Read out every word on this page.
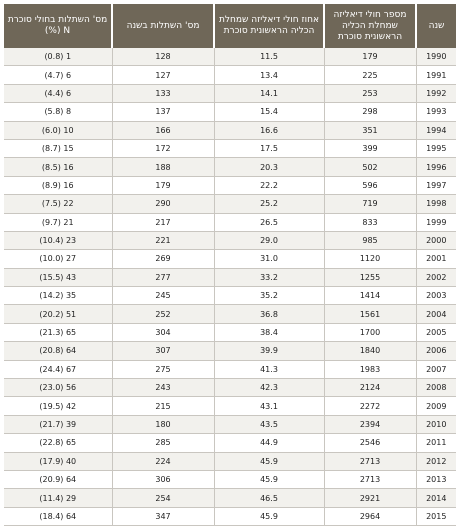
שנה	מספר חולי דיאליזה שמחלת הכליה הראשונית סוכרת	אחוז חולי דיאליזה שמחלת הכליה הראשונית סוכרת	מס' השתלות בשנה	מס' השתלות בחולי סוכרת N (%)
1990	179	11.5	128	(0.8) 1
1991	225	13.4	127	(4.7) 6
1992	253	14.1	133	(4.4) 6
1993	298	15.4	137	(5.8) 8
1994	351	16.6	166	(6.0) 10
1995	399	17.5	172	(8.7) 15
1996	502	20.3	188	(8.5) 16
1997	596	22.2	179	(8.9) 16
1998	719	25.2	290	(7.5) 22
1999	833	26.5	217	(9.7) 21
2000	985	29.0	221	(10.4) 23
2001	1120	31.0	269	(10.0) 27
2002	1255	33.2	277	(15.5) 43
2003	1414	35.2	245	(14.2) 35
2004	1561	36.8	252	(20.2) 51
2005	1700	38.4	304	(21.3) 65
2006	1840	39.9	307	(20.8) 64
2007	1983	41.3	275	(24.4) 67
2008	2124	42.3	243	(23.0) 56
2009	2272	43.1	215	(19.5) 42
2010	2394	43.5	180	(21.7) 39
2011	2546	44.9	285	(22.8) 65
2012	2713	45.9	224	(17.9) 40
2013	2713	45.9	306	(20.9) 64
2014	2921	46.5	254	(11.4) 29
2015	2964	45.9	347	(18.4) 64
